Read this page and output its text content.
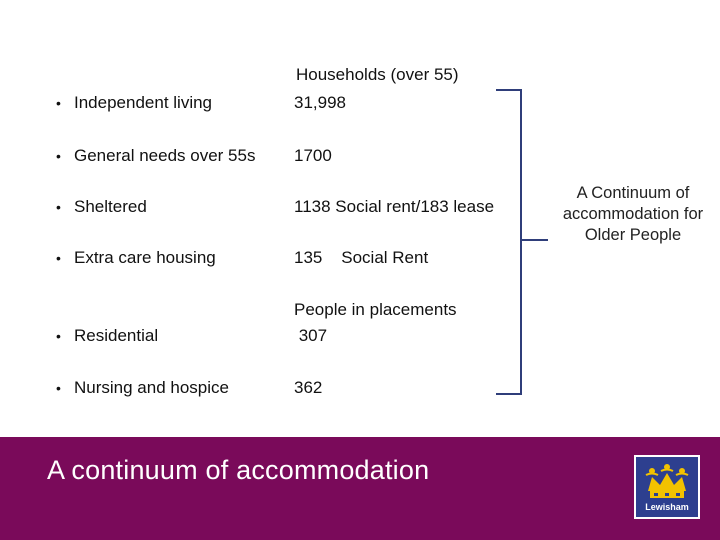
Households (over 55)
• Independent living	31,998
• General needs over 55s 1700
• Sheltered	1138 Social rent/183 lease
• Extra care housing	135    Social Rent
People in placements
• Residential	307
• Nursing and hospice	362
A Continuum of accommodation for Older People
A continuum of accommodation
Lewisham
